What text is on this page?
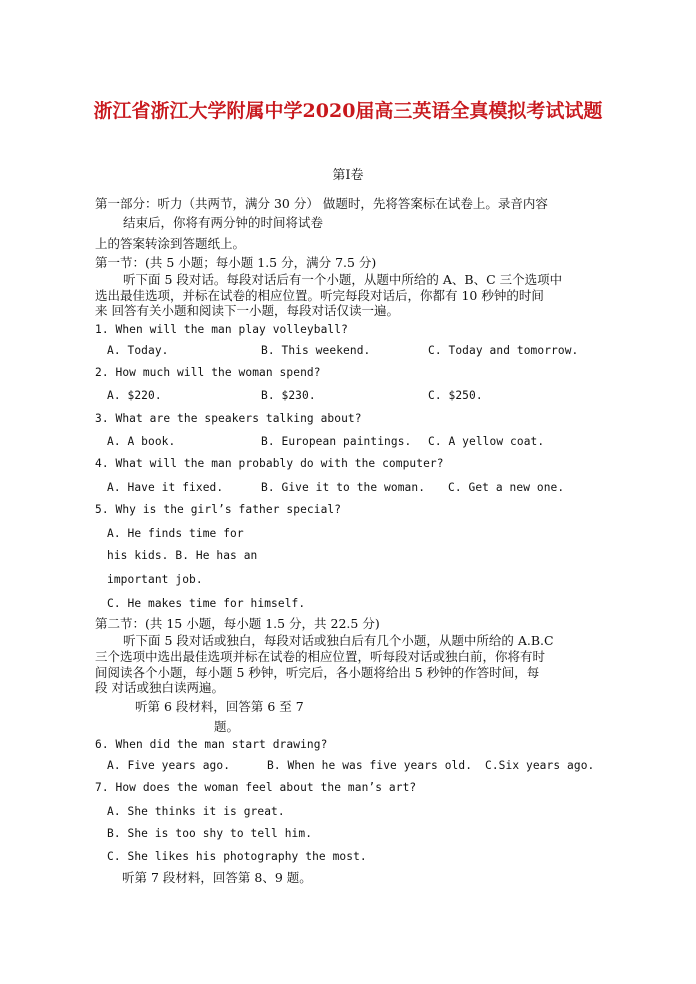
浙江省浙江大学附属中学2020届高三英语全真模拟考试试题
第Ⅰ卷
第一部分：听力（共两节，满分 30 分） 做题时，先将答案标在试卷上。录音内容
结束后，你将有两分钟的时间将试卷
上的答案转涂到答题纸上。
第一节：(共 5 小题；每小题 1.5 分，满分 7.5 分)
听下面 5 段对话。每段对话后有一个小题，从题中所给的 A、B、C 三个选项中
选出最佳选项，并标在试卷的相应位置。听完每段对话后，你都有 10 秒钟的时间
来 回答有关小题和阅读下一小题，每段对话仅读一遍。
1. When will the man play volleyball?
A. Today.	B. This weekend.	C. Today and tomorrow.
2. How much will the woman spend?
A. $220.	B. $230.	C. $250.
3. What are the speakers talking about?
A. A book.	B. European paintings. C. A yellow coat.
4. What will the man probably do with the computer?
A. Have it fixed.	B. Give it to the woman. C. Get a new one.
5. Why is the girl’s father special?
A. He finds time for
his kids. B. He has an
important job.
C. He makes time for himself.
第二节：(共 15 小题，每小题 1.5 分，共 22.5 分)
听下面 5 段对话或独白，每段对话或独白后有几个小题，从题中所给的 A.B.C
三个选项中选出最佳选项并标在试卷的相应位置，听每段对话或独白前，你将有时
间阅读各个小题，每小题 5 秒钟，听完后，各小题将给出 5 秒钟的作答时间，每
段 对话或独白读两遍。
听第 6 段材料，回答第 6 至 7
题。
6. When did the man start drawing?
A. Five years ago.	B. When he was five years old. C.Six years ago.
7. How does the woman feel about the man’s art?
A. She thinks it is great.
B. She is too shy to tell him.
C. She likes his photography the most.
听第 7 段材料，回答第 8、9 题。
